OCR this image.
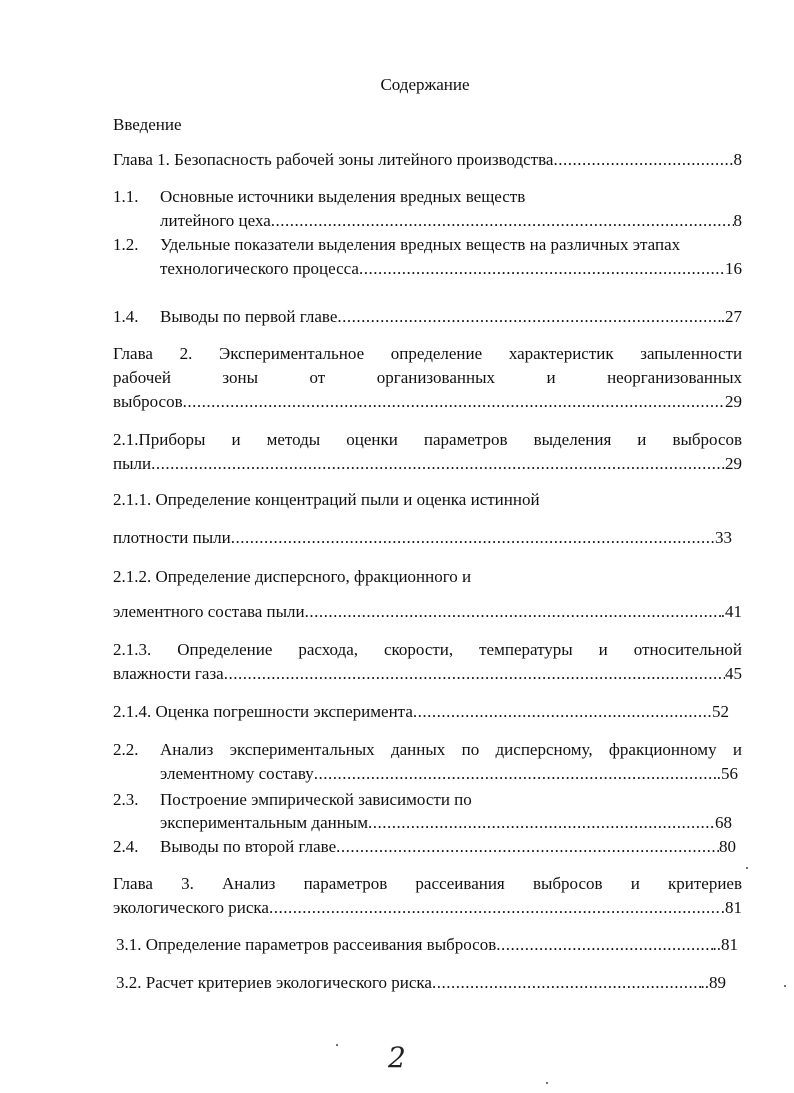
Содержание
Введение
Глава 1. Безопасность рабочей зоны литейного производства .....	8
1.1. Основные источники выделения вредных веществ
литейного цеха .....	8
1.2. Удельные показатели выделения вредных веществ на различных этапах
технологического процесса .....	16
1.4. Выводы по первой главе .....	.27
Глава 2. Экспериментальное определение характеристик запыленности
рабочей	зоны	от	организованных	и	неорганизованных
выбросов .....	29
2.1.Приборы и методы оценки параметров выделения и выбросов
пыли .....	29
2.1.1. Определение концентраций пыли и оценка истинной
плотности пыли .....	33
2.1.2. Определение дисперсного, фракционного и
элементного состава пыли .....	.41
2.1.3. Определение расхода, скорости, температуры и относительной
влажности газа .....	45
2.1.4. Оценка погрешности эксперимента .....	52
2.2. Анализ экспериментальных данных по дисперсному, фракционному и
элементному составу .....	.56
2.3. Построение эмпирической зависимости по
экспериментальным данным .....	68
2.4. Выводы по второй главе .....	80
Глава 3. Анализ параметров рассеивания выбросов и критериев
экологического риска .....	.81
3.1. Определение параметров рассеивания выбросов .....	..81
3.2. Расчет критериев экологического риска .....	..89
2
